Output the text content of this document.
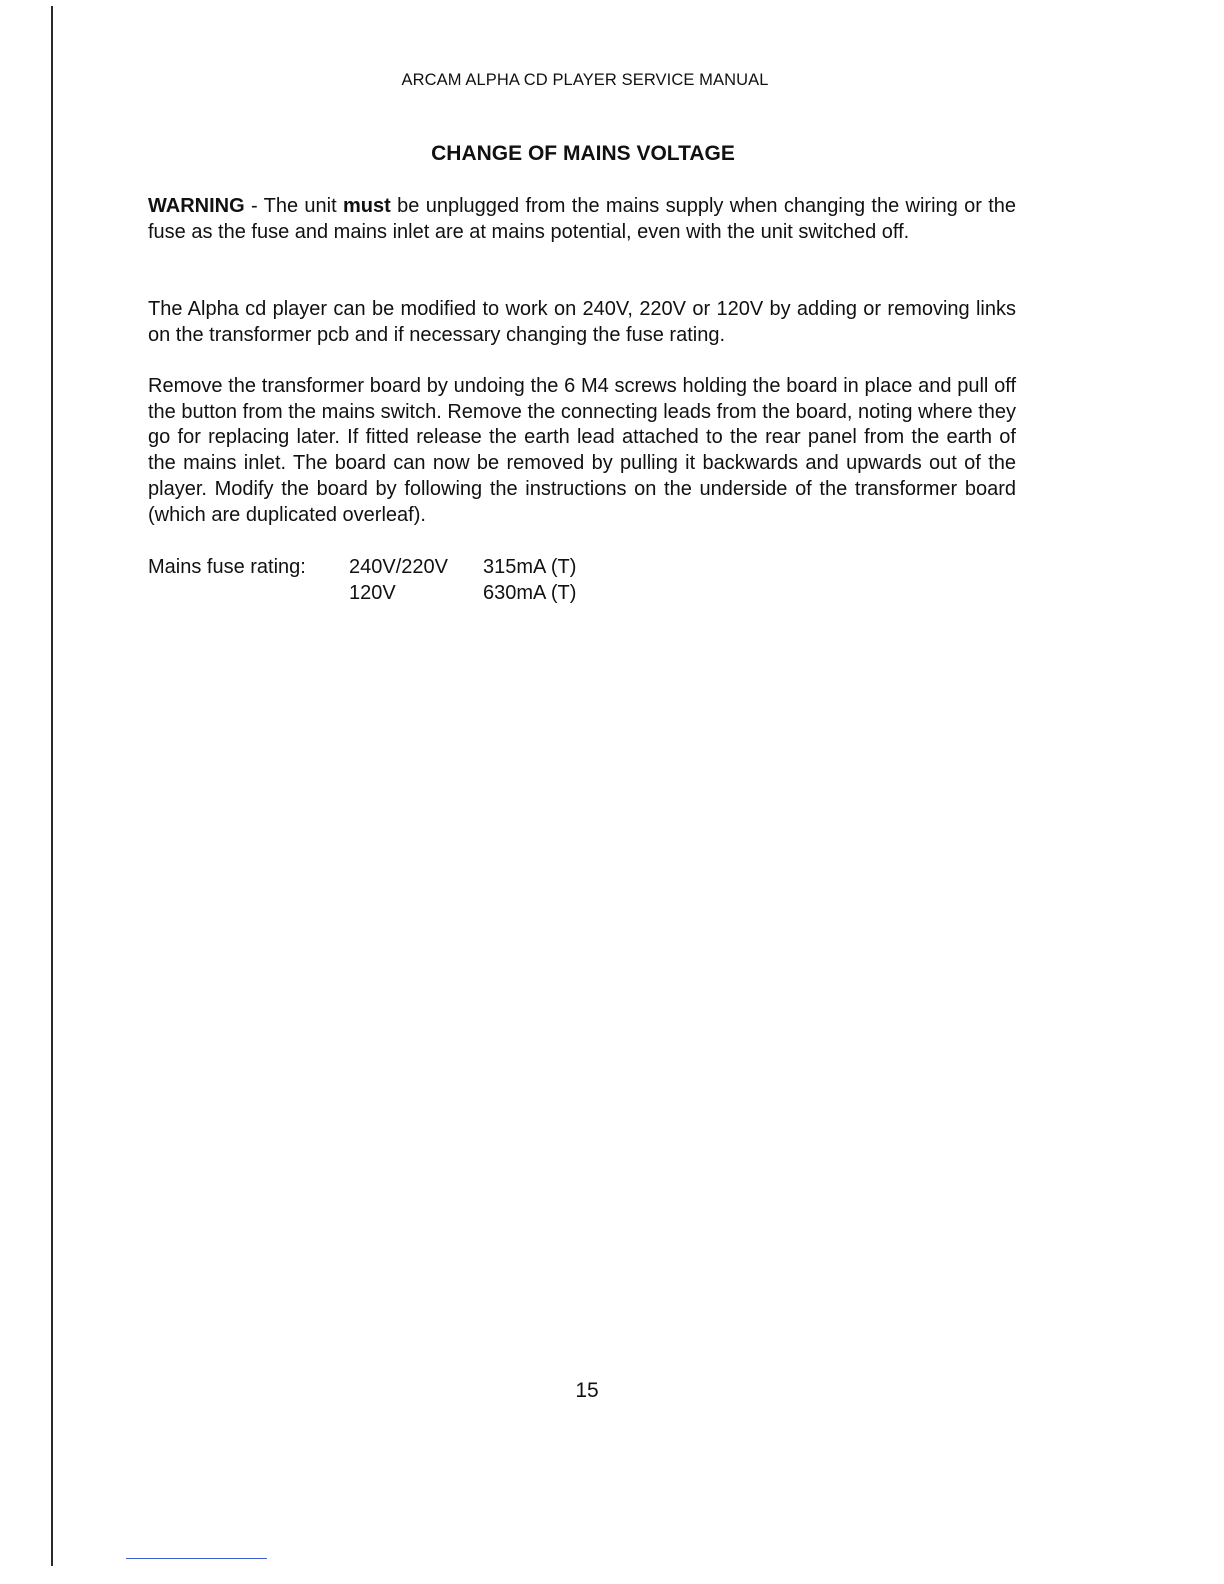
ARCAM ALPHA CD PLAYER SERVICE MANUAL
CHANGE OF MAINS VOLTAGE

WARNING - The unit must be unplugged from the mains supply when changing the wiring or the fuse as the fuse and mains inlet are at mains potential, even with the unit switched off.

The Alpha cd player can be modified to work on 240V, 220V or 120V by adding or removing links on the transformer pcb and if necessary changing the fuse rating.

Remove the transformer board by undoing the 6 M4 screws holding the board in place and pull off the button from the mains switch. Remove the connecting leads from the board, noting where they go for replacing later. If fitted release the earth lead attached to the rear panel from the earth of the mains inlet. The board can now be removed by pulling it backwards and upwards out of the player. Modify the board by following the instructions on the underside of the transformer board (which are duplicated overleaf).

Mains fuse rating:	240V/220V	315mA (T)
	120V	630mA (T)
15
